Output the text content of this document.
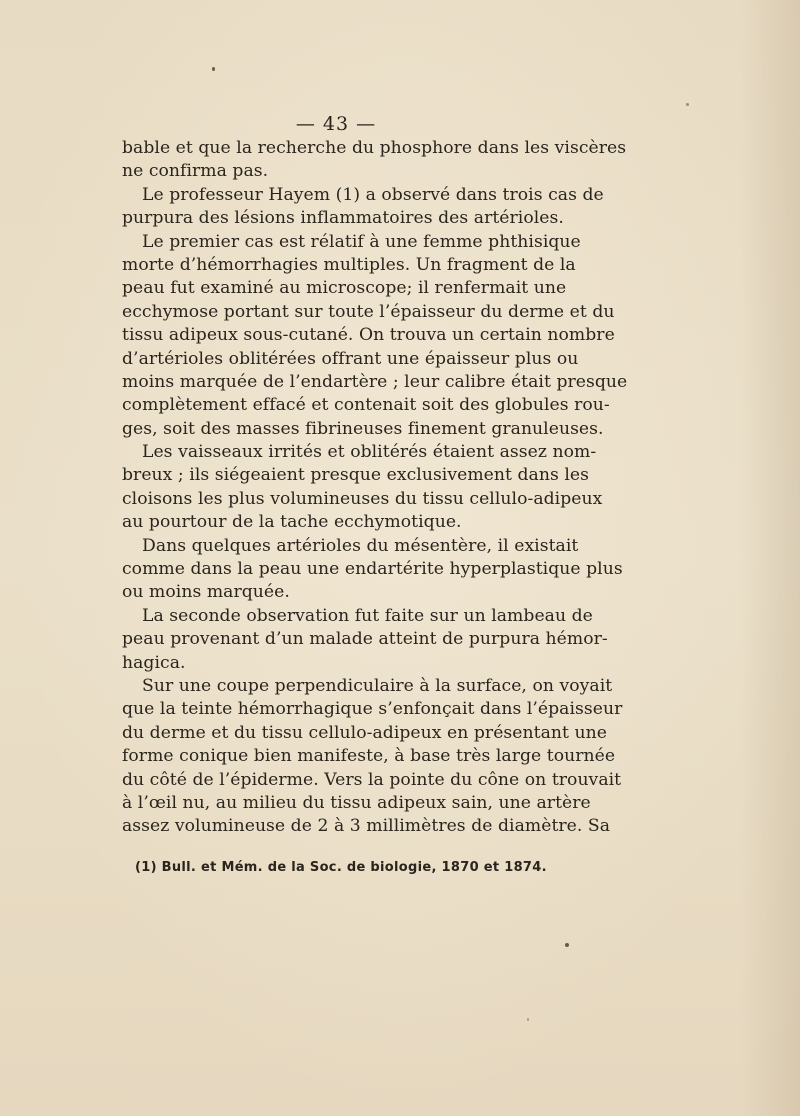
— 43 —
bable et que la recherche du phosphore dans les viscères
ne confirma pas.
Le professeur Hayem (1) a observé dans trois cas de
purpura des lésions inflammatoires des artérioles.
Le premier cas est rélatif à une femme phthisique
morte d’hémorrhagies multiples. Un fragment de la
peau fut examiné au microscope; il renfermait une
ecchymose portant sur toute l’épaisseur du derme et du
tissu adipeux sous-cutané. On trouva un certain nombre
d’artérioles oblitérées offrant une épaisseur plus ou
moins marquée de l’endartère ; leur calibre était presque
complètement effacé et contenait soit des globules rou-
ges, soit des masses fibrineuses finement granuleuses.
Les vaisseaux irrités et oblitérés étaient assez nom-
breux ; ils siégeaient presque exclusivement dans les
cloisons les plus volumineuses du tissu cellulo-adipeux
au pourtour de la tache ecchymotique.
Dans quelques artérioles du mésentère, il existait
comme dans la peau une endartérite hyperplastique plus
ou moins marquée.
La seconde observation fut faite sur un lambeau de
peau provenant d’un malade atteint de purpura hémor-
hagica.
Sur une coupe perpendiculaire à la surface, on voyait
que la teinte hémorrhagique s’enfonçait dans l’épaisseur
du derme et du tissu cellulo-adipeux en présentant une
forme conique bien manifeste, à base très large tournée
du côté de l’épiderme. Vers la pointe du cône on trouvait
à l’œil nu, au milieu du tissu adipeux sain, une artère
assez volumineuse de 2 à 3 millimètres de diamètre. Sa
(1) Bull. et Mém. de la Soc. de biologie, 1870 et 1874.
